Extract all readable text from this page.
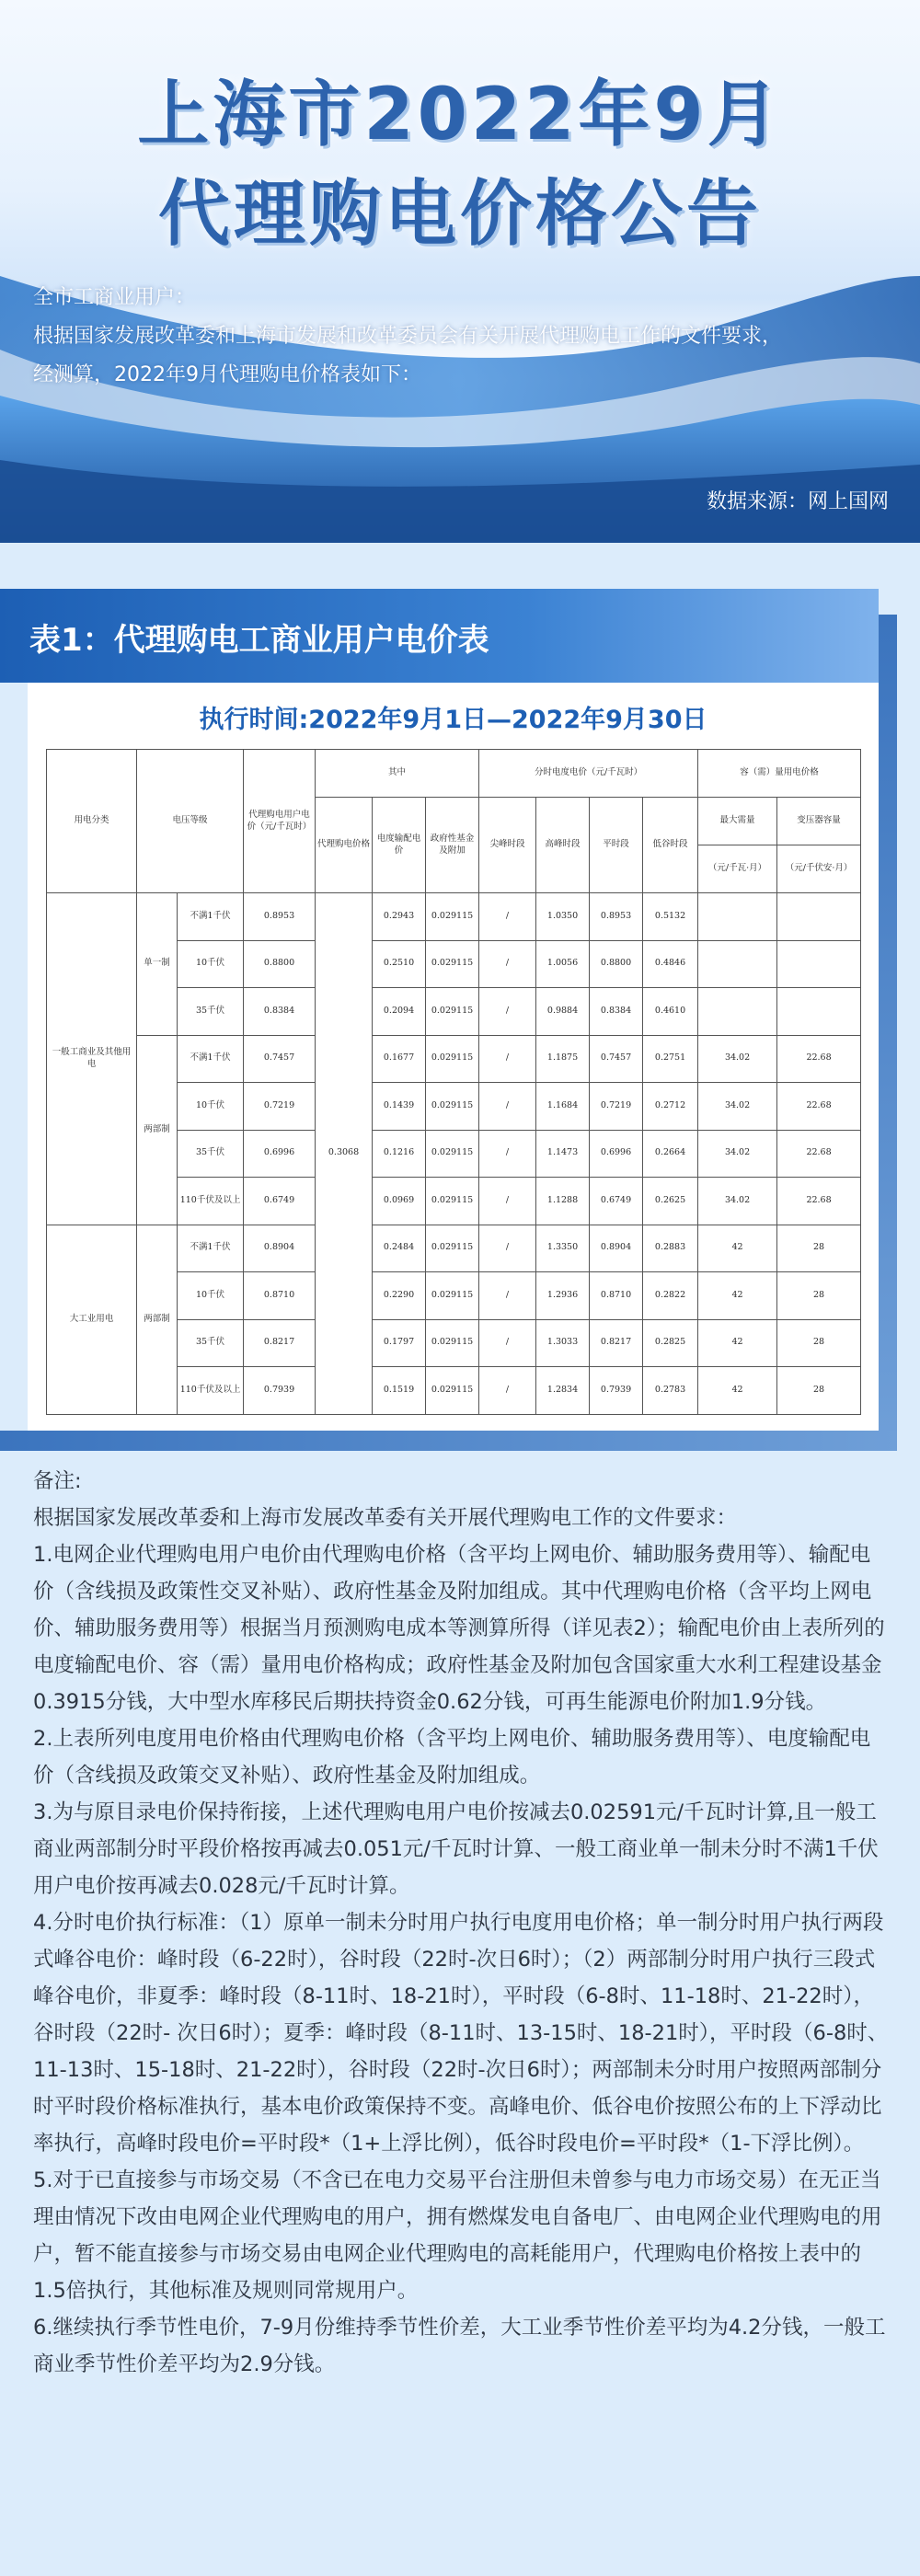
上海市2022年9月
代理购电价格公告
全市工商业用户：
根据国家发展改革委和上海市发展和改革委员会有关开展代理购电工作的文件要求，
经测算，2022年9月代理购电价格表如下：
数据来源：网上国网
表1：代理购电工商业用户电价表
执行时间:2022年9月1日—2022年9月30日
用电分类	电压等级		代理购电用户电价（元/千瓦时）	其中			分时电度电价（元/千瓦时）				容（需）量用电价格	
				代理购电价格	电度输配电价	政府性基金及附加	尖峰时段	高峰时段	平时段	低谷时段	最大需量	变压器容量
											（元/千瓦·月）	（元/千伏安·月）
一般工商业及其他用电	单一制	不满1千伏	0.8953	0.3068	0.2943	0.029115	/	1.0350	0.8953	0.5132		
		10千伏	0.8800		0.2510	0.029115	/	1.0056	0.8800	0.4846		
		35千伏	0.8384		0.2094	0.029115	/	0.9884	0.8384	0.4610		
	两部制	不满1千伏	0.7457		0.1677	0.029115	/	1.1875	0.7457	0.2751	34.02	22.68
		10千伏	0.7219		0.1439	0.029115	/	1.1684	0.7219	0.2712	34.02	22.68
		35千伏	0.6996		0.1216	0.029115	/	1.1473	0.6996	0.2664	34.02	22.68
		110千伏及以上	0.6749		0.0969	0.029115	/	1.1288	0.6749	0.2625	34.02	22.68
大工业用电	两部制	不满1千伏	0.8904		0.2484	0.029115	/	1.3350	0.8904	0.2883	42	28
		10千伏	0.8710		0.2290	0.029115	/	1.2936	0.8710	0.2822	42	28
		35千伏	0.8217		0.1797	0.029115	/	1.3033	0.8217	0.2825	42	28
		110千伏及以上	0.7939		0.1519	0.029115	/	1.2834	0.7939	0.2783	42	28

备注:

根据国家发展改革委和上海市发展改革委有关开展代理购电工作的文件要求：

1.电网企业代理购电用户电价由代理购电价格（含平均上网电价、辅助服务费用等）、输配电价（含线损及政策性交叉补贴）、政府性基金及附加组成。其中代理购电价格（含平均上网电价、辅助服务费用等）根据当月预测购电成本等测算所得（详见表2）；输配电价由上表所列的电度输配电价、容（需）量用电价格构成；政府性基金及附加包含国家重大水利工程建设基金0.3915分钱，大中型水库移民后期扶持资金0.62分钱，可再生能源电价附加1.9分钱。

2.上表所列电度用电价格由代理购电价格（含平均上网电价、辅助服务费用等）、电度输配电价（含线损及政策交叉补贴）、政府性基金及附加组成。

3.为与原目录电价保持衔接，上述代理购电用户电价按减去0.02591元/千瓦时计算,且一般工商业两部制分时平段价格按再减去0.051元/千瓦时计算、一般工商业单一制未分时不满1千伏用户电价按再减去0.028元/千瓦时计算。

4.分时电价执行标准：（1）原单一制未分时用户执行电度用电价格；单一制分时用户执行两段式峰谷电价：峰时段（6-22时），谷时段（22时-次日6时）；（2）两部制分时用户执行三段式峰谷电价，非夏季：峰时段（8-11时、18-21时），平时段（6-8时、11-18时、21-22时），谷时段（22时- 次日6时）；夏季：峰时段（8-11时、13-15时、18-21时），平时段（6-8时、11-13时、15-18时、21-22时），谷时段（22时-次日6时）；两部制未分时用户按照两部制分时平时段价格标准执行，基本电价政策保持不变。高峰电价、低谷电价按照公布的上下浮动比率执行，高峰时段电价=平时段*（1+上浮比例），低谷时段电价=平时段*（1-下浮比例）。

5.对于已直接参与市场交易（不含已在电力交易平台注册但未曾参与电力市场交易）在无正当理由情况下改由电网企业代理购电的用户，拥有燃煤发电自备电厂、由电网企业代理购电的用户，暂不能直接参与市场交易由电网企业代理购电的高耗能用户，代理购电价格按上表中的1.5倍执行，其他标准及规则同常规用户。

6.继续执行季节性电价，7-9月份维持季节性价差，大工业季节性价差平均为4.2分钱，一般工商业季节性价差平均为2.9分钱。
